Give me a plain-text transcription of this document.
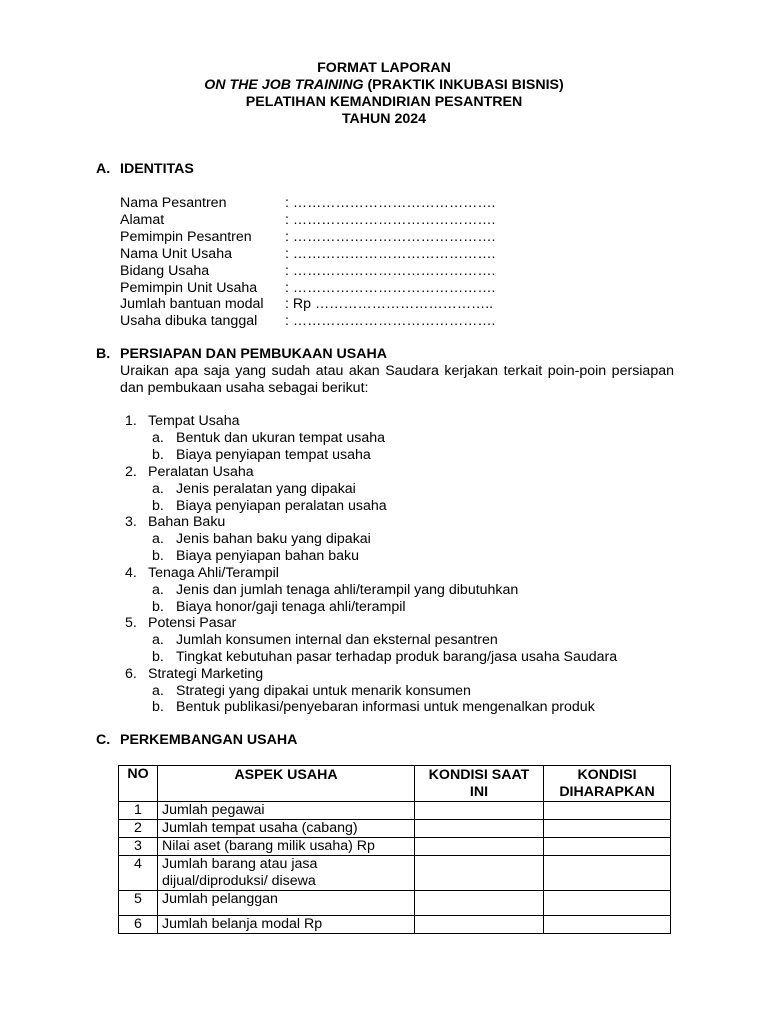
FORMAT LAPORAN
ON THE JOB TRAINING (PRAKTIK INKUBASI BISNIS)
PELATIHAN KEMANDIRIAN PESANTREN
TAHUN 2024
A. IDENTITAS
Nama Pesantren	: …………………………………….
Alamat	: …………………………………….
Pemimpin Pesantren : …………………………………….
Nama Unit Usaha	: …………………………………….
Bidang Usaha	: …………………………………….
Pemimpin Unit Usaha : …………………………………….
Jumlah bantuan modal : Rp ………………………………..
Usaha dibuka tanggal : …………………………………….
B. PERSIAPAN DAN PEMBUKAAN USAHA
Uraikan apa saja yang sudah atau akan Saudara kerjakan terkait poin-poin persiapan dan pembukaan usaha sebagai berikut:
1. Tempat Usaha
a. Bentuk dan ukuran tempat usaha
b. Biaya penyiapan tempat usaha
2. Peralatan Usaha
a. Jenis peralatan yang dipakai
b. Biaya penyiapan peralatan usaha
3. Bahan Baku
a. Jenis bahan baku yang dipakai
b. Biaya penyiapan bahan baku
4. Tenaga Ahli/Terampil
a. Jenis dan jumlah tenaga ahli/terampil yang dibutuhkan
b. Biaya honor/gaji tenaga ahli/terampil
5. Potensi Pasar
a. Jumlah konsumen internal dan eksternal pesantren
b. Tingkat kebutuhan pasar terhadap produk barang/jasa usaha Saudara
6. Strategi Marketing
a. Strategi yang dipakai untuk menarik konsumen
b. Bentuk publikasi/penyebaran informasi untuk mengenalkan produk
C. PERKEMBANGAN USAHA
NO	ASPEK USAHA	KONDISI SAAT INI	KONDISI DIHARAPKAN
1	Jumlah pegawai		
2	Jumlah tempat usaha (cabang)		
3	Nilai aset (barang milik usaha) Rp		
4	Jumlah barang atau jasa dijual/diproduksi/ disewa		
5	Jumlah pelanggan		
6	Jumlah belanja modal Rp		
